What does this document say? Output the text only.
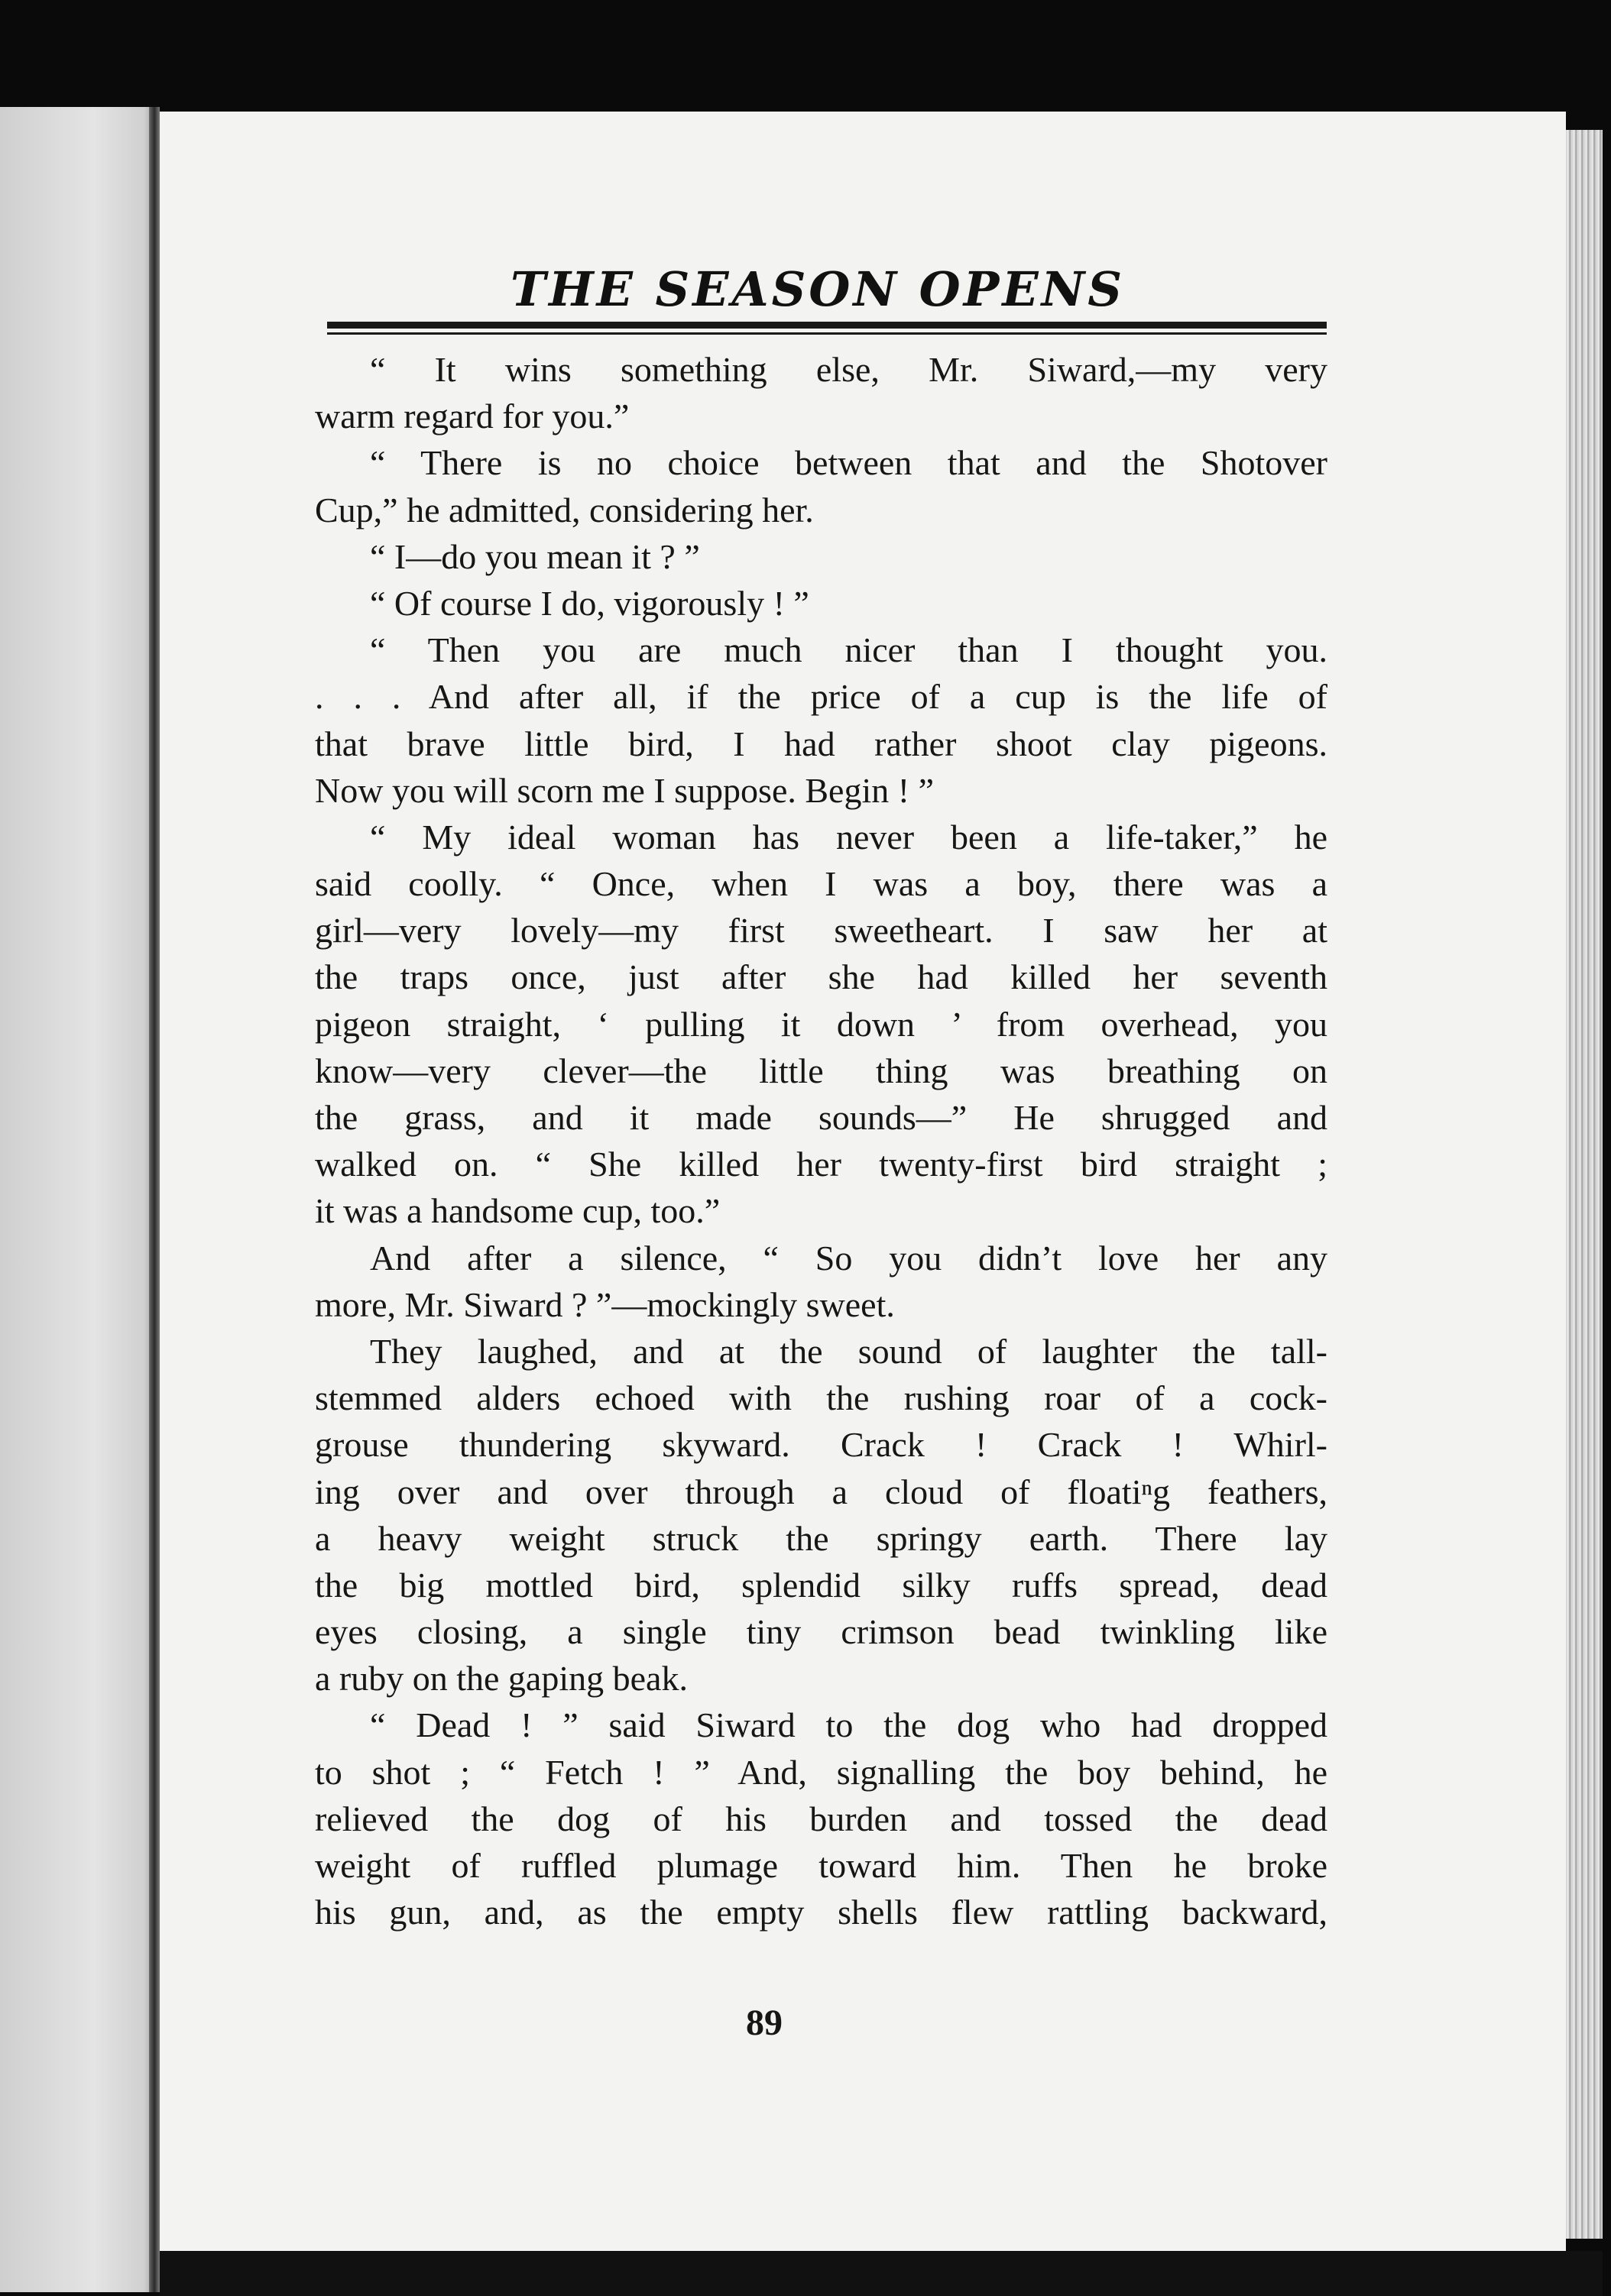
THE SEASON OPENS
“ It wins something else, Mr. Siward,—my very
warm regard for you.”
“ There is no choice between that and the Shotover
Cup,” he admitted, considering her.
“ I—do you mean it ? ”
“ Of course I do, vigorously ! ”
“ Then you are much nicer than I thought you.
. . . And after all, if the price of a cup is the life of
that brave little bird, I had rather shoot clay pigeons.
Now you will scorn me I suppose. Begin ! ”
“ My ideal woman has never been a life-taker,” he
said coolly. “ Once, when I was a boy, there was a
girl—very lovely—my first sweetheart. I saw her at
the traps once, just after she had killed her seventh
pigeon straight, ‘ pulling it down ’ from overhead, you
know—very clever—the little thing was breathing on
the grass, and it made sounds—” He shrugged and
walked on. “ She killed her twenty-first bird straight ;
it was a handsome cup, too.”
And after a silence, “ So you didn’t love her any
more, Mr. Siward ? ”—mockingly sweet.
They laughed, and at the sound of laughter the tall-
stemmed alders echoed with the rushing roar of a cock-
grouse thundering skyward. Crack ! Crack ! Whirl-
ing over and over through a cloud of floatiⁿg feathers,
a heavy weight struck the springy earth. There lay
the big mottled bird, splendid silky ruffs spread, dead
eyes closing, a single tiny crimson bead twinkling like
a ruby on the gaping beak.
“ Dead ! ” said Siward to the dog who had dropped
to shot ; “ Fetch ! ” And, signalling the boy behind, he
relieved the dog of his burden and tossed the dead
weight of ruffled plumage toward him. Then he broke
his gun, and, as the empty shells flew rattling backward,
89
